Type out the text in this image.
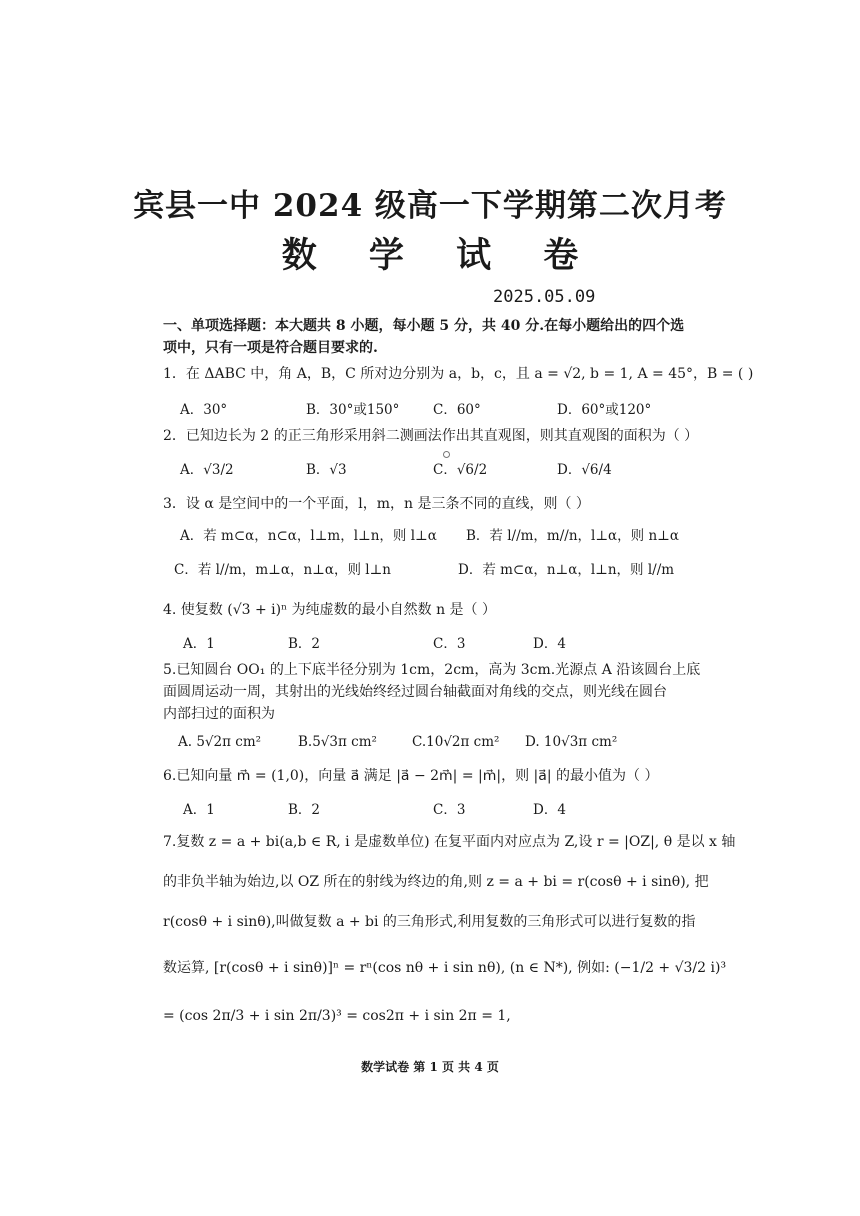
宾县一中 2024 级高一下学期第二次月考
数 学 试 卷
2025.05.09
一、单项选择题：本大题共 8 小题，每小题 5 分，共 40 分.在每小题给出的四个选
项中，只有一项是符合题目要求的.
1．在 ΔABC 中，角 A，B，C 所对边分别为 a，b，c，且 a = √2, b = 1, A = 45°，B = ( )
A．30°	B．30°或150° C．60°	D．60°或120°
2．已知边长为 2 的正三角形采用斜二测画法作出其直观图，则其直观图的面积为（ ）
A．√3/2	B．√3	C．√6/2	D．√6/4
3．设 α 是空间中的一个平面，l，m，n 是三条不同的直线，则（ ）
A．若 m⊂α，n⊂α，l⊥m，l⊥n，则 l⊥α B．若 l//m，m//n，l⊥α，则 n⊥α
C．若 l//m，m⊥α，n⊥α，则 l⊥n	D．若 m⊂α，n⊥α，l⊥n，则 l//m
4. 使复数 (√3 + i)ⁿ 为纯虚数的最小自然数 n 是（ ）
A．1	B．2	C．3	D．4
5.已知圆台 OO₁ 的上下底半径分别为 1cm，2cm，高为 3cm.光源点 A 沿该圆台上底
面圆周运动一周，其射出的光线始终经过圆台轴截面对角线的交点，则光线在圆台
内部扫过的面积为
A. 5√2π cm²	B.5√3π cm²	C.10√2π cm² D. 10√3π cm²
6.已知向量 m⃗ = (1,0)，向量 a⃗ 满足 |a⃗ − 2m⃗| = |m⃗|，则 |a⃗| 的最小值为（ ）
A．1	B．2	C．3	D．4
7.复数 z = a + bi(a,b ∈ R, i 是虚数单位) 在复平面内对应点为 Z,设 r = |OZ|, θ 是以 x 轴
的非负半轴为始边,以 OZ 所在的射线为终边的角,则 z = a + bi = r(cosθ + i sinθ), 把
r(cosθ + i sinθ),叫做复数 a + bi 的三角形式,利用复数的三角形式可以进行复数的指
数运算, [r(cosθ + i sinθ)]ⁿ = rⁿ(cos nθ + i sin nθ), (n ∈ N*), 例如: (−1/2 + √3/2 i)³
= (cos 2π/3 + i sin 2π/3)³ = cos2π + i sin 2π = 1,
数学试卷 第 1 页 共 4 页
